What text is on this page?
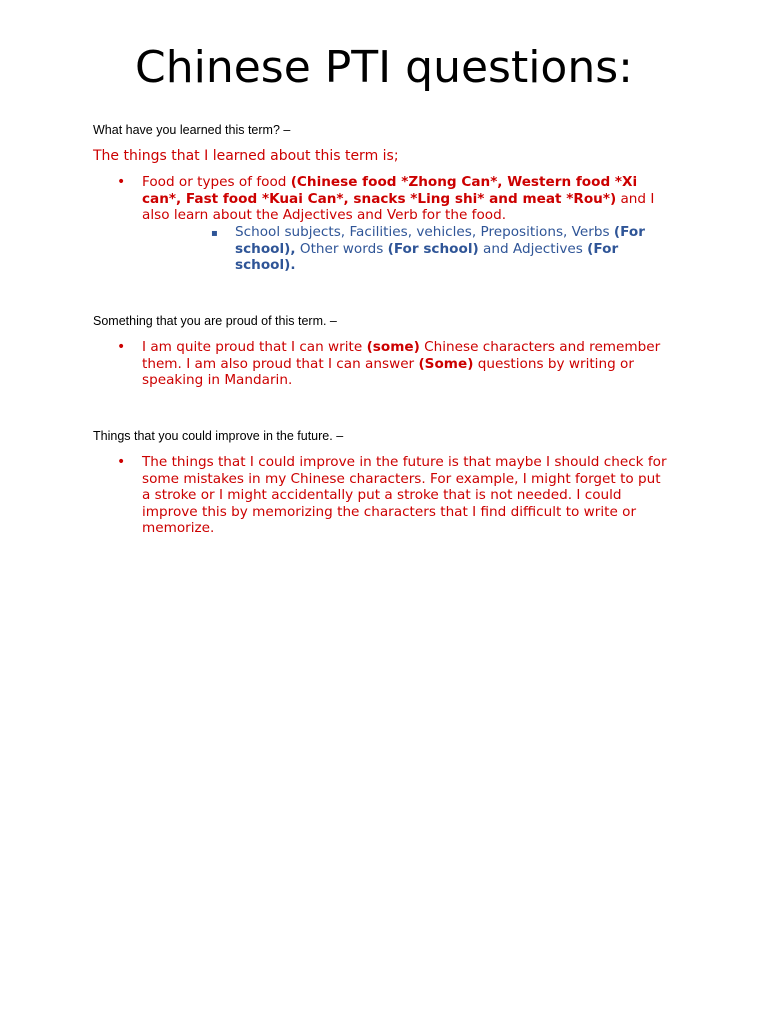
Chinese PTI questions:

What have you learned this term? –

The things that I learned about this term is;

•	Food or types of food (Chinese food *Zhong Can*, Western food *Xi can*, Fast food *Kuai Can*, snacks *Ling shi* and meat *Rou*) and I also learn about the Adjectives and Verb for the food.
▪	School subjects, Facilities, vehicles, Prepositions, Verbs (For school), Other words (For school) and Adjectives (For school).

Something that you are proud of this term. –

•	I am quite proud that I can write (some) Chinese characters and remember them. I am also proud that I can answer (Some) questions by writing or speaking in Mandarin.

Things that you could improve in the future. –

•	The things that I could improve in the future is that maybe I should check for some mistakes in my Chinese characters. For example, I might forget to put a stroke or I might accidentally put a stroke that is not needed. I could improve this by memorizing the characters that I find difficult to write or memorize.
